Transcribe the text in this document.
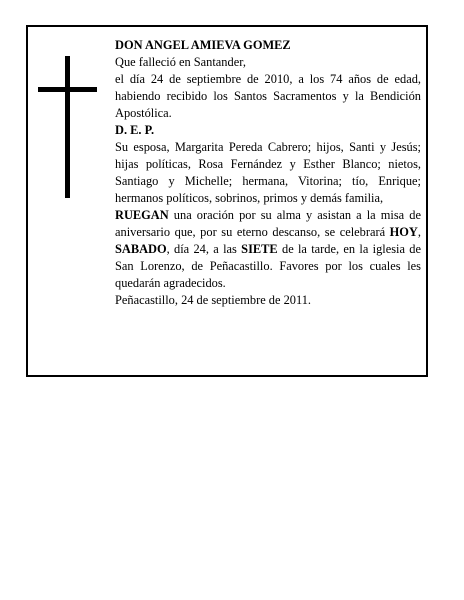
DON ANGEL AMIEVA GOMEZ

Que falleció en Santander,

el día 24 de septiembre de 2010, a los 74 años de edad, habiendo recibido los Santos Sacramentos y la Bendición Apostólica.

D. E. P.

Su esposa, Margarita Pereda Cabrero; hijos, Santi y Jesús; hijas políticas, Rosa Fernández y Esther Blanco; nietos, Santiago y Michelle; hermana, Vitorina; tío, Enrique; hermanos políticos, sobrinos, primos y demás familia,

RUEGAN una oración por su alma y asistan a la misa de aniversario que, por su eterno descanso, se celebrará HOY, SABADO, día 24, a las SIETE de la tarde, en la iglesia de San Lorenzo, de Peñacastillo. Favores por los cuales les quedarán agradecidos.

Peñacastillo, 24 de septiembre de 2011.
